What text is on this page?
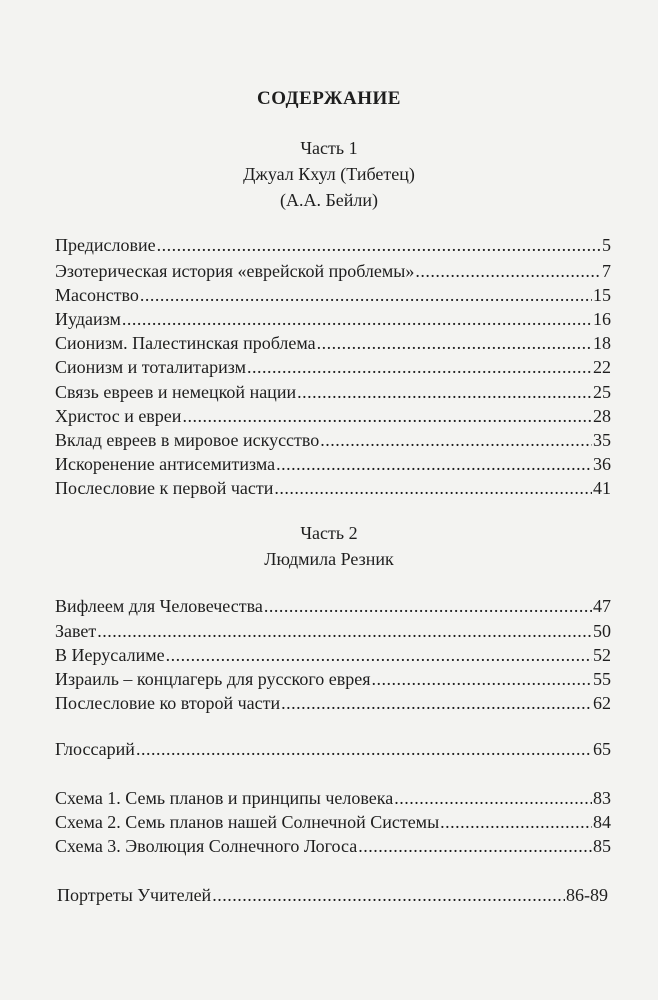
СОДЕРЖАНИЕ
Часть 1
Джуал Кхул (Тибетец)
(А.А. Бейли)
Предисловие .....	5
Эзотерическая история «еврейской проблемы» .....	7
Масонство .....	15
Иудаизм .....	16
Сионизм. Палестинская проблема .....	18
Сионизм и тоталитаризм .....	22
Связь евреев и немецкой нации .....	25
Христос и евреи .....	28
Вклад евреев в мировое искусство .....	35
Искоренение антисемитизма .....	36
Послесловие к первой части .....	41
Часть 2
Людмила Резник
Вифлеем для Человечества .....	47
Завет .....	50
В Иерусалиме .....	52
Израиль – концлагерь для русского еврея .....	55
Послесловие ко второй части .....	62
Глоссарий .....	65
Схема 1. Семь планов и принципы человека .....	83
Схема 2. Семь планов нашей Солнечной Системы .....	84
Схема 3. Эволюция Солнечного Логоса .....	85
Портреты Учителей .....	86-89
